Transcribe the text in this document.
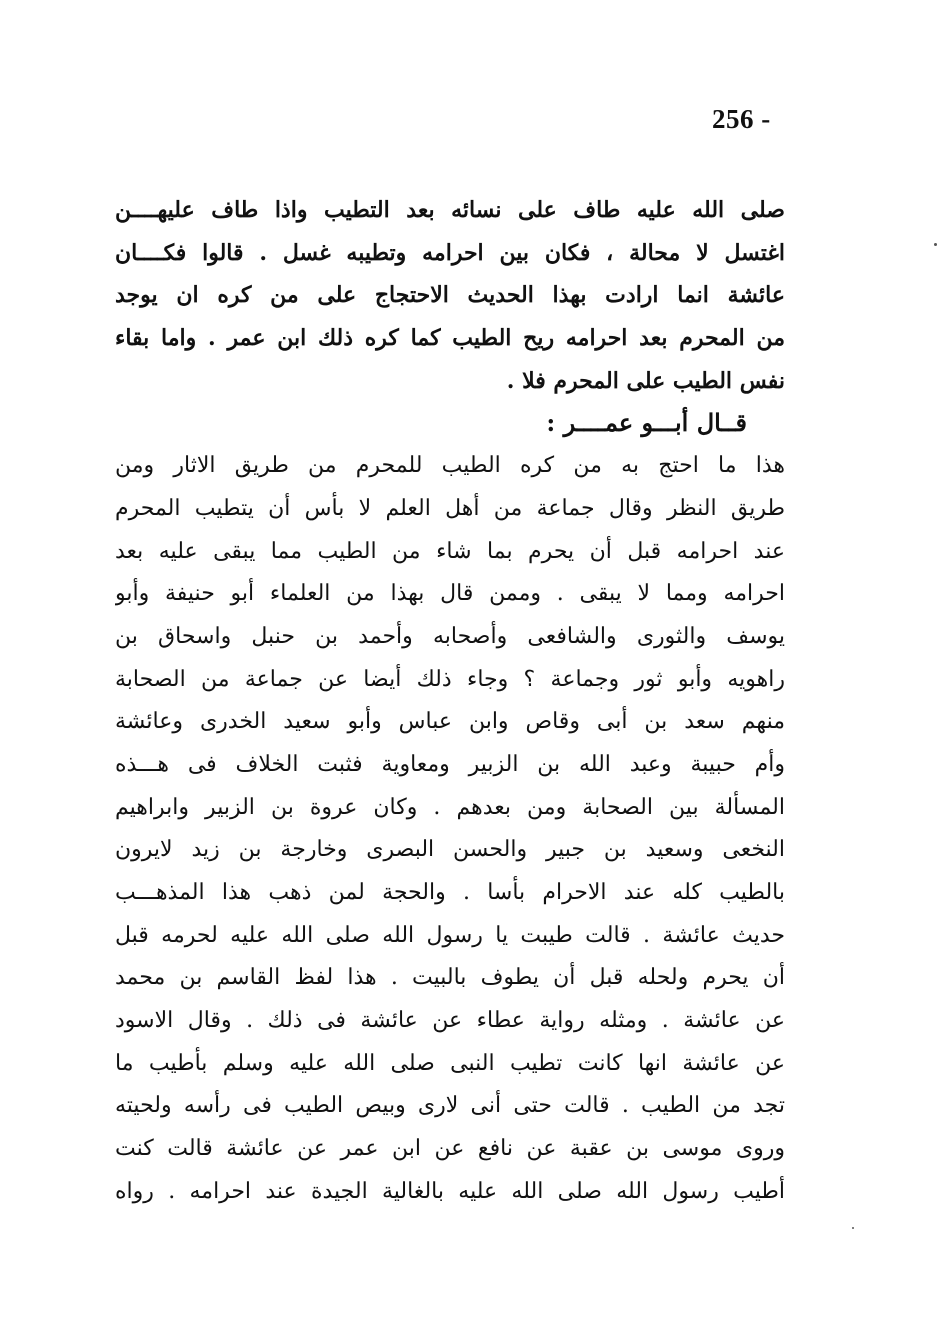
256 -
صلى الله عليه طاف على نسائه بعد التطيب واذا طاف عليهــــن
اغتسل لا محالة ، فكان بين احرامه وتطيبه غسل . قالوا فكــــان
عائشة انما ارادت بهذا الحديث الاحتجاج على من كره ان يوجد
من المحرم بعد احرامه ريح الطيب كما كره ذلك ابن عمر . واما بقاء
نفس الطيب على المحرم فلا .
قــال أبـــو عمــــر :
هذا ما احتج به من كره الطيب للمحرم من طريق الاثار ومن
طريق النظر وقال جماعة من أهل العلم لا بأس أن يتطيب المحرم
عند احرامه قبل أن يحرم بما شاء من الطيب مما يبقى عليه بعد
احرامه ومما لا يبقى . وممن قال بهذا من العلماء أبو حنيفة وأبو
يوسف والثورى والشافعى وأصحابه وأحمد بن حنبل واسحاق بن
راهويه وأبو ثور وجماعة ؟ وجاء ذلك أيضا عن جماعة من الصحابة
منهم سعد بن أبى وقاص وابن عباس وأبو سعيد الخدرى وعائشة
وأم حبيبة وعبد الله بن الزبير ومعاوية فثبت الخلاف فى هـــذه
المسألة بين الصحابة ومن بعدهم . وكان عروة بن الزبير وابراهيم
النخعى وسعيد بن جبير والحسن البصرى وخارجة بن زيد لايرون
بالطيب كله عند الاحرام بأسا . والحجة لمن ذهب هذا المذهـــب
حديث عائشة . قالت طيبت يا رسول الله صلى الله عليه لحرمه قبل
أن يحرم ولحله قبل أن يطوف بالبيت . هذا لفظ القاسم بن محمد
عن عائشة . ومثله رواية عطاء عن عائشة فى ذلك . وقال الاسود
عن عائشة انها كانت تطيب النبى صلى الله عليه وسلم بأطيب ما
تجد من الطيب . قالت حتى أنى لارى وبيص الطيب فى رأسه ولحيته
وروى موسى بن عقبة عن نافع عن ابن عمر عن عائشة قالت كنت
أطيب رسول الله صلى الله عليه بالغالية الجيدة عند احرامه . رواه
